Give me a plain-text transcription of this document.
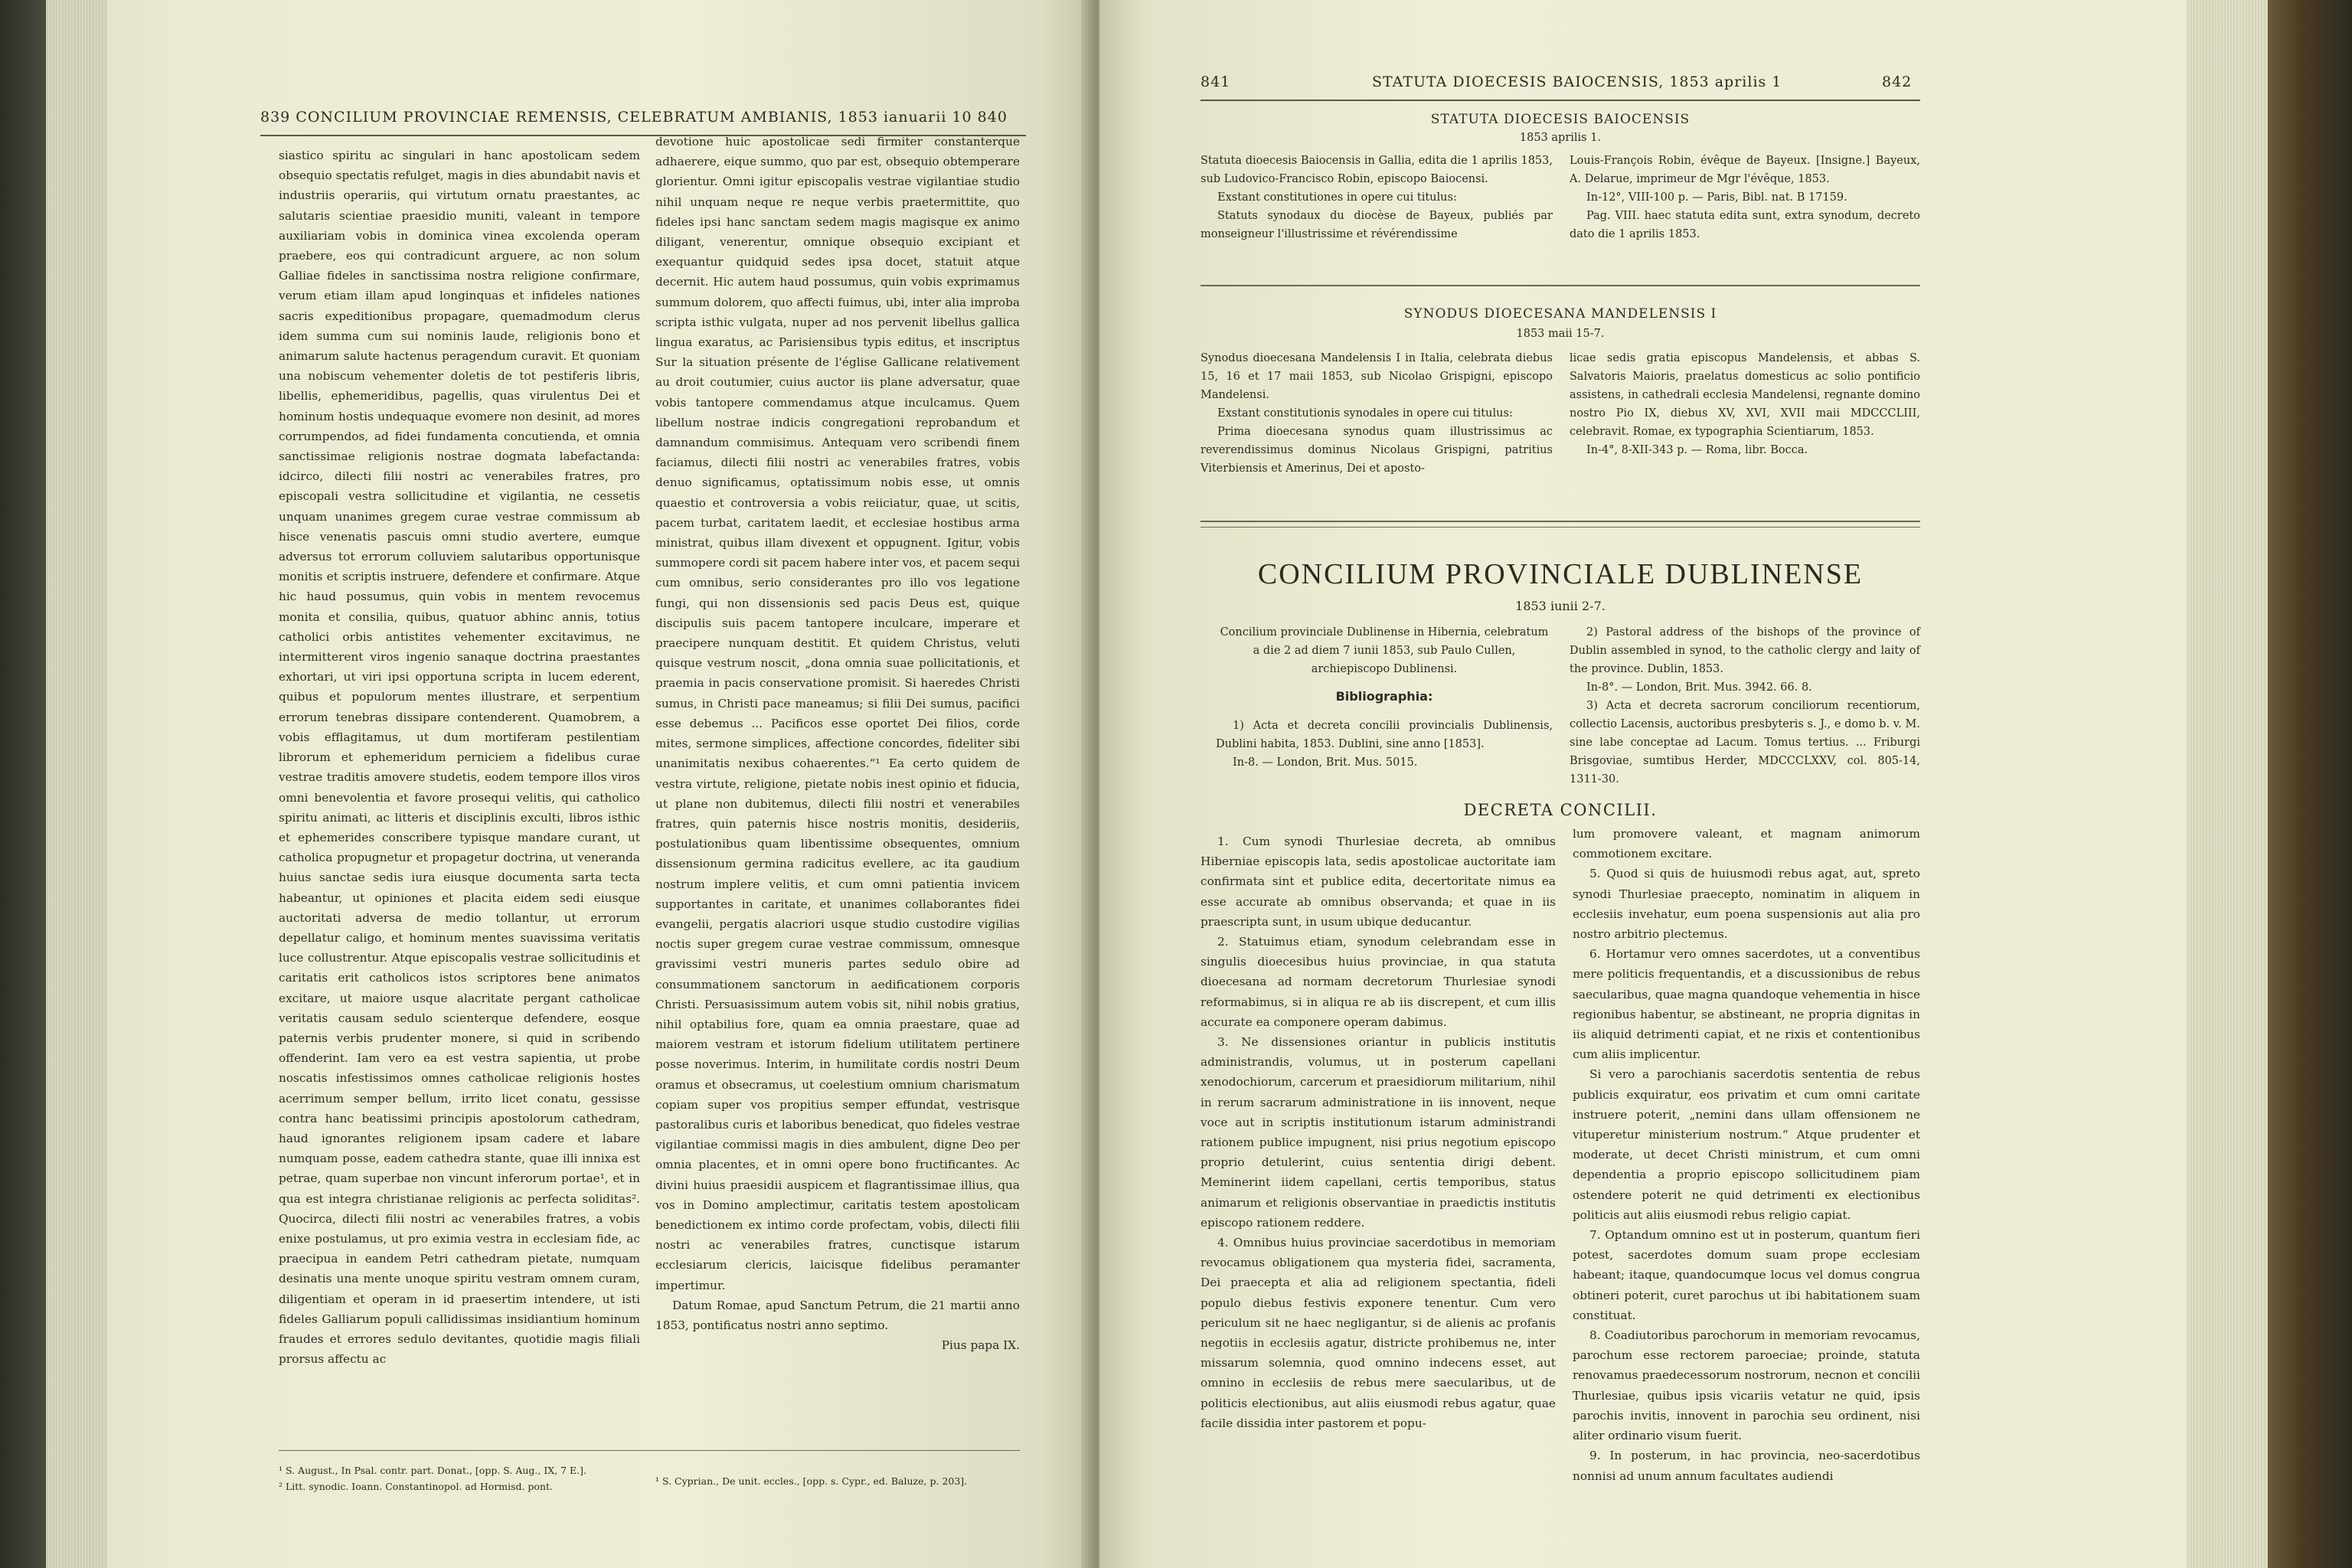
839 CONCILIUM PROVINCIAE REMENSIS, CELEBRATUM AMBIANIS, 1853 ianuarii 10 840

siastico spiritu ac singulari in hanc apostolicam sedem obsequio spectatis refulget, magis in dies abundabit navis et industriis operariis, qui virtutum ornatu praestantes, ac salutaris scientiae praesidio muniti, valeant in tempore auxiliariam vobis in dominica vinea excolenda operam praebere, eos qui contradicunt arguere, ac non solum Galliae fideles in sanctissima nostra religione confirmare, verum etiam illam apud longinquas et infideles nationes sacris expeditionibus propagare, quemadmodum clerus idem summa cum sui nominis laude, religionis bono et animarum salute hactenus peragendum curavit. Et quoniam una nobiscum vehementer doletis de tot pestiferis libris, libellis, ephemeridibus, pagellis, quas virulentus Dei et hominum hostis undequaque evomere non desinit, ad mores corrumpendos, ad fidei fundamenta concutienda, et omnia sanctissimae religionis nostrae dogmata labefactanda: idcirco, dilecti filii nostri ac venerabiles fratres, pro episcopali vestra sollicitudine et vigilantia, ne cessetis unquam unanimes gregem curae vestrae commissum ab hisce venenatis pascuis omni studio avertere, eumque adversus tot errorum colluviem salutaribus opportunisque monitis et scriptis instruere, defendere et confirmare. Atque hic haud possumus, quin vobis in mentem revocemus monita et consilia, quibus, quatuor abhinc annis, totius catholici orbis antistites vehementer excitavimus, ne intermitterent viros ingenio sanaque doctrina praestantes exhortari, ut viri ipsi opportuna scripta in lucem ederent, quibus et populorum mentes illustrare, et serpentium errorum tenebras dissipare contenderent. Quamobrem, a vobis efflagitamus, ut dum mortiferam pestilentiam librorum et ephemeridum perniciem a fidelibus curae vestrae traditis amovere studetis, eodem tempore illos viros omni benevolentia et favore prosequi velitis, qui catholico spiritu animati, ac litteris et disciplinis exculti, libros isthic et ephemerides conscribere typisque mandare curant, ut catholica propugnetur et propagetur doctrina, ut veneranda huius sanctae sedis iura eiusque documenta sarta tecta habeantur, ut opiniones et placita eidem sedi eiusque auctoritati adversa de medio tollantur, ut errorum depellatur caligo, et hominum mentes suavissima veritatis luce collustrentur. Atque episcopalis vestrae sollicitudinis et caritatis erit catholicos istos scriptores bene animatos excitare, ut maiore usque alacritate pergant catholicae veritatis causam sedulo scienterque defendere, eosque paternis verbis prudenter monere, si quid in scribendo offenderint. Iam vero ea est vestra sapientia, ut probe noscatis infestissimos omnes catholicae religionis hostes acerrimum semper bellum, irrito licet conatu, gessisse contra hanc beatissimi principis apostolorum cathedram, haud ignorantes religionem ipsam cadere et labare numquam posse, eadem cathedra stante, quae illi innixa est petrae, quam superbae non vincunt inferorum portae¹, et in qua est integra christianae religionis ac perfecta soliditas². Quocirca, dilecti filii nostri ac venerabiles fratres, a vobis enixe postulamus, ut pro eximia vestra in ecclesiam fide, ac praecipua in eandem Petri cathedram pietate, numquam desinatis una mente unoque spiritu vestram omnem curam, diligentiam et operam in id praesertim intendere, ut isti fideles Galliarum populi callidissimas insidiantium hominum fraudes et errores sedulo devitantes, quotidie magis filiali prorsus affectu ac

devotione huic apostolicae sedi firmiter constanterque adhaerere, eique summo, quo par est, obsequio obtemperare glorientur. Omni igitur episcopalis vestrae vigilantiae studio nihil unquam neque re neque verbis praetermittite, quo fideles ipsi hanc sanctam sedem magis magisque ex animo diligant, venerentur, omnique obsequio excipiant et exequantur quidquid sedes ipsa docet, statuit atque decernit. Hic autem haud possumus, quin vobis exprimamus summum dolorem, quo affecti fuimus, ubi, inter alia improba scripta isthic vulgata, nuper ad nos pervenit libellus gallica lingua exaratus, ac Parisiensibus typis editus, et inscriptus Sur la situation présente de l'église Gallicane relativement au droit coutumier, cuius auctor iis plane adversatur, quae vobis tantopere commendamus atque inculcamus. Quem libellum nostrae indicis congregationi reprobandum et damnandum commisimus. Antequam vero scribendi finem faciamus, dilecti filii nostri ac venerabiles fratres, vobis denuo significamus, optatissimum nobis esse, ut omnis quaestio et controversia a vobis reiiciatur, quae, ut scitis, pacem turbat, caritatem laedit, et ecclesiae hostibus arma ministrat, quibus illam divexent et oppugnent. Igitur, vobis summopere cordi sit pacem habere inter vos, et pacem sequi cum omnibus, serio considerantes pro illo vos legatione fungi, qui non dissensionis sed pacis Deus est, quique discipulis suis pacem tantopere inculcare, imperare et praecipere nunquam destitit. Et quidem Christus, veluti quisque vestrum noscit, „dona omnia suae pollicitationis, et praemia in pacis conservatione promisit. Si haeredes Christi sumus, in Christi pace maneamus; si filii Dei sumus, pacifici esse debemus ... Pacificos esse oportet Dei filios, corde mites, sermone simplices, affectione concordes, fideliter sibi unanimitatis nexibus cohaerentes.“¹ Ea certo quidem de vestra virtute, religione, pietate nobis inest opinio et fiducia, ut plane non dubitemus, dilecti filii nostri et venerabiles fratres, quin paternis hisce nostris monitis, desideriis, postulationibus quam libentissime obsequentes, omnium dissensionum germina radicitus evellere, ac ita gaudium nostrum implere velitis, et cum omni patientia invicem supportantes in caritate, et unanimes collaborantes fidei evangelii, pergatis alacriori usque studio custodire vigilias noctis super gregem curae vestrae commissum, omnesque gravissimi vestri muneris partes sedulo obire ad consummationem sanctorum in aedificationem corporis Christi. Persuasissimum autem vobis sit, nihil nobis gratius, nihil optabilius fore, quam ea omnia praestare, quae ad maiorem vestram et istorum fidelium utilitatem pertinere posse noverimus. Interim, in humilitate cordis nostri Deum oramus et obsecramus, ut coelestium omnium charismatum copiam super vos propitius semper effundat, vestrisque pastoralibus curis et laboribus benedicat, quo fideles vestrae vigilantiae commissi magis in dies ambulent, digne Deo per omnia placentes, et in omni opere bono fructificantes. Ac divini huius praesidii auspicem et flagrantissimae illius, qua vos in Domino amplectimur, caritatis testem apostolicam benedictionem ex intimo corde profectam, vobis, dilecti filii nostri ac venerabiles fratres, cunctisque istarum ecclesiarum clericis, laicisque fidelibus peramanter impertimur.

Datum Romae, apud Sanctum Petrum, die 21 martii anno 1853, pontificatus nostri anno septimo.

Pius papa IX.

¹ S. August., In Psal. contr. part. Donat., [opp. S. Aug., IX, 7 E.].
² Litt. synodic. Ioann. Constantinopol. ad Hormisd. pont.	¹ S. Cyprian., De unit. eccles., [opp. s. Cypr., ed. Baluze, p. 203].
841	STATUTA DIOECESIS BAIOCENSIS, 1853 aprilis 1	842
STATUTA DIOECESIS BAIOCENSIS
1853 aprilis 1.

Statuta dioecesis Baiocensis in Gallia, edita die 1 aprilis 1853, sub Ludovico-Francisco Robin, episcopo Baiocensi.

Exstant constitutiones in opere cui titulus:

Statuts synodaux du diocèse de Bayeux, publiés par monseigneur l'illustrissime et révérendissime

Louis-François Robin, évêque de Bayeux. [Insigne.] Bayeux, A. Delarue, imprimeur de Mgr l'évêque, 1853.

In-12°, VIII-100 p. — Paris, Bibl. nat. B 17159.

Pag. VIII. haec statuta edita sunt, extra synodum, decreto dato die 1 aprilis 1853.

SYNODUS DIOECESANA MANDELENSIS I
1853 maii 15-7.

Synodus dioecesana Mandelensis I in Italia, celebrata diebus 15, 16 et 17 maii 1853, sub Nicolao Grispigni, episcopo Mandelensi.

Exstant constitutionis synodales in opere cui titulus:

Prima dioecesana synodus quam illustrissimus ac reverendissimus dominus Nicolaus Grispigni, patritius Viterbiensis et Amerinus, Dei et aposto-

licae sedis gratia episcopus Mandelensis, et abbas S. Salvatoris Maioris, praelatus domesticus ac solio pontificio assistens, in cathedrali ecclesia Mandelensi, regnante domino nostro Pio IX, diebus XV, XVI, XVII maii MDCCCLIII, celebravit. Romae, ex typographia Scientiarum, 1853.

In-4°, 8-XII-343 p. — Roma, libr. Bocca.

CONCILIUM PROVINCIALE DUBLINENSE
1853 iunii 2-7.

Concilium provinciale Dublinense in Hibernia, celebratum a die 2 ad diem 7 iunii 1853, sub Paulo Cullen, archiepiscopo Dublinensi.

Bibliographia:

1) Acta et decreta concilii provincialis Dublinensis, Dublini habita, 1853. Dublini, sine anno [1853].

In-8. — London, Brit. Mus. 5015.

2) Pastoral address of the bishops of the province of Dublin assembled in synod, to the catholic clergy and laity of the province. Dublin, 1853.

In-8°. — London, Brit. Mus. 3942. 66. 8.

3) Acta et decreta sacrorum conciliorum recentiorum, collectio Lacensis, auctoribus presbyteris s. J., e domo b. v. M. sine labe conceptae ad Lacum. Tomus tertius. ... Friburgi Brisgoviae, sumtibus Herder, MDCCCLXXV, col. 805-14, 1311-30.

DECRETA CONCILII.

1. Cum synodi Thurlesiae decreta, ab omnibus Hiberniae episcopis lata, sedis apostolicae auctoritate iam confirmata sint et publice edita, decertoritate nimus ea esse accurate ab omnibus observanda; et quae in iis praescripta sunt, in usum ubique deducantur.

2. Statuimus etiam, synodum celebrandam esse in singulis dioecesibus huius provinciae, in qua statuta dioecesana ad normam decretorum Thurlesiae synodi reformabimus, si in aliqua re ab iis discrepent, et cum illis accurate ea componere operam dabimus.

3. Ne dissensiones oriantur in publicis institutis administrandis, volumus, ut in posterum capellani xenodochiorum, carcerum et praesidiorum militarium, nihil in rerum sacrarum administratione in iis innovent, neque voce aut in scriptis institutionum istarum administrandi rationem publice impugnent, nisi prius negotium episcopo proprio detulerint, cuius sententia dirigi debent. Meminerint iidem capellani, certis temporibus, status animarum et religionis observantiae in praedictis institutis episcopo rationem reddere.

4. Omnibus huius provinciae sacerdotibus in memoriam revocamus obligationem qua mysteria fidei, sacramenta, Dei praecepta et alia ad religionem spectantia, fideli populo diebus festivis exponere tenentur. Cum vero periculum sit ne haec negligantur, si de alienis ac profanis negotiis in ecclesiis agatur, districte prohibemus ne, inter missarum solemnia, quod omnino indecens esset, aut omnino in ecclesiis de rebus mere saecularibus, ut de politicis electionibus, aut aliis eiusmodi rebus agatur, quae facile dissidia inter pastorem et popu-

lum promovere valeant, et magnam animorum commotionem excitare.

5. Quod si quis de huiusmodi rebus agat, aut, spreto synodi Thurlesiae praecepto, nominatim in aliquem in ecclesiis invehatur, eum poena suspensionis aut alia pro nostro arbitrio plectemus.

6. Hortamur vero omnes sacerdotes, ut a conventibus mere politicis frequentandis, et a discussionibus de rebus saecularibus, quae magna quandoque vehementia in hisce regionibus habentur, se abstineant, ne propria dignitas in iis aliquid detrimenti capiat, et ne rixis et contentionibus cum aliis implicentur.

Si vero a parochianis sacerdotis sententia de rebus publicis exquiratur, eos privatim et cum omni caritate instruere poterit, „nemini dans ullam offensionem ne vituperetur ministerium nostrum.“ Atque prudenter et moderate, ut decet Christi ministrum, et cum omni dependentia a proprio episcopo sollicitudinem piam ostendere poterit ne quid detrimenti ex electionibus politicis aut aliis eiusmodi rebus religio capiat.

7. Optandum omnino est ut in posterum, quantum fieri potest, sacerdotes domum suam prope ecclesiam habeant; itaque, quandocumque locus vel domus congrua obtineri poterit, curet parochus ut ibi habitationem suam constituat.

8. Coadiutoribus parochorum in memoriam revocamus, parochum esse rectorem paroeciae; proinde, statuta renovamus praedecessorum nostrorum, necnon et concilii Thurlesiae, quibus ipsis vicariis vetatur ne quid, ipsis parochis invitis, innovent in parochia seu ordinent, nisi aliter ordinario visum fuerit.

9. In posterum, in hac provincia, neo-sacerdotibus nonnisi ad unum annum facultates audiendi
